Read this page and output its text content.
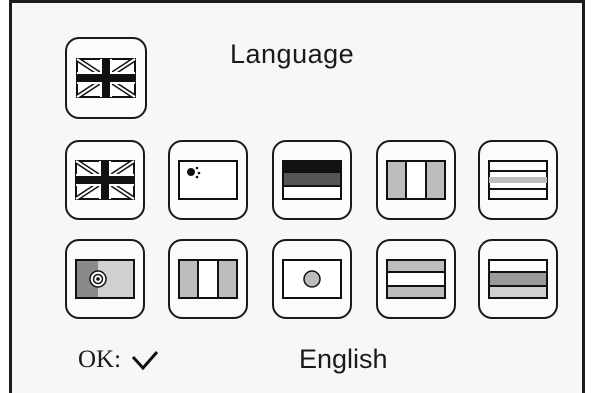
Language
OK:	English
